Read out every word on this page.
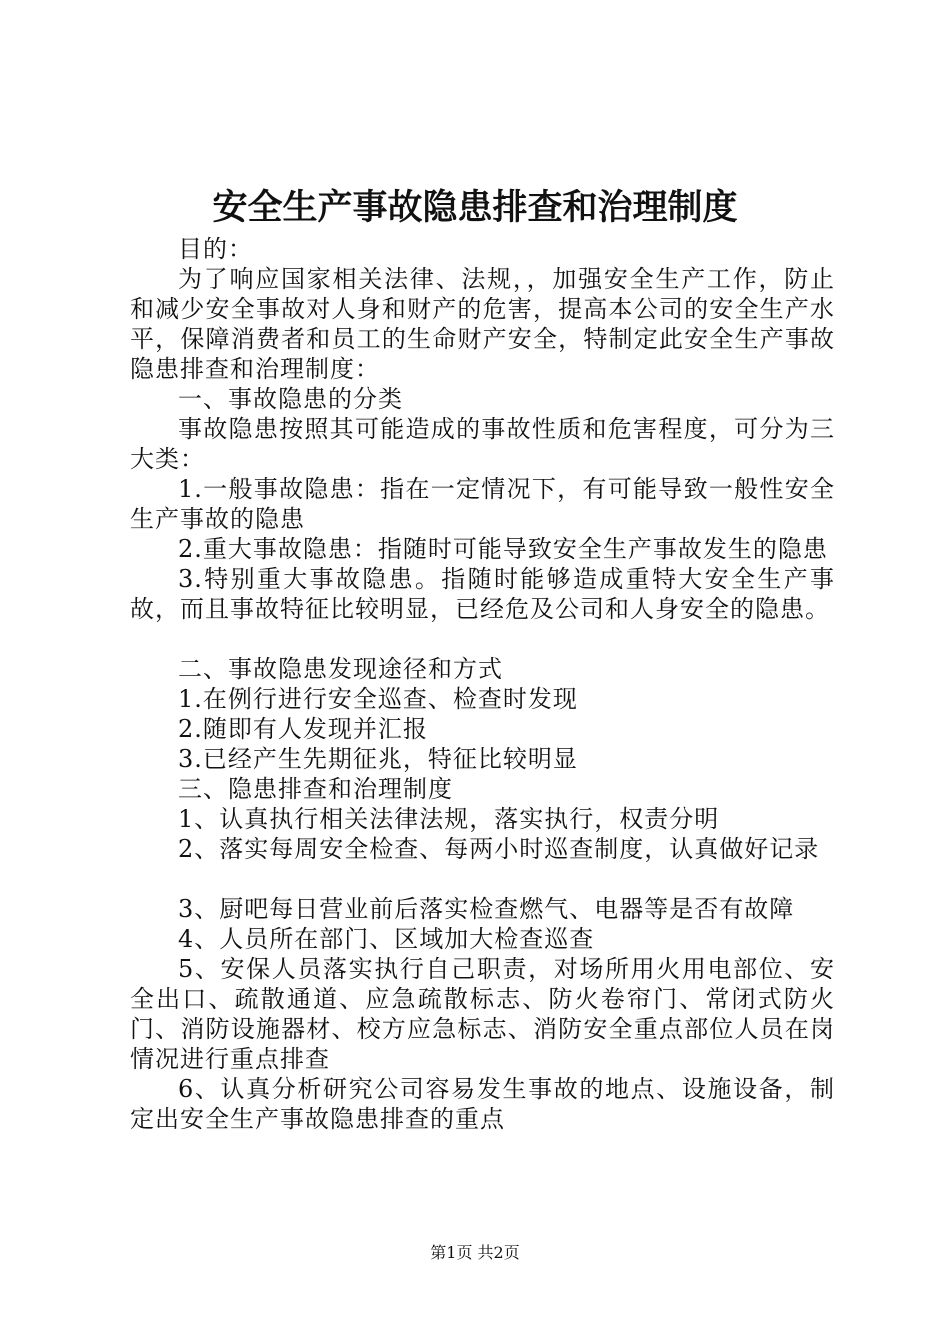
安全生产事故隐患排查和治理制度

目的：

为了响应国家相关法律、法规，，加强安全生产工作，防止和减少安全事故对人身和财产的危害，提高本公司的安全生产水平，保障消费者和员工的生命财产安全，特制定此安全生产事故隐患排查和治理制度：

一、事故隐患的分类

事故隐患按照其可能造成的事故性质和危害程度，可分为三大类：

1.一般事故隐患：指在一定情况下，有可能导致一般性安全生产事故的隐患

2.重大事故隐患：指随时可能导致安全生产事故发生的隐患

3.特别重大事故隐患。指随时能够造成重特大安全生产事故，而且事故特征比较明显，已经危及公司和人身安全的隐患。

二、事故隐患发现途径和方式

1.在例行进行安全巡查、检查时发现

2.随即有人发现并汇报

3.已经产生先期征兆，特征比较明显

三、隐患排查和治理制度

1、认真执行相关法律法规，落实执行，权责分明

2、落实每周安全检查、每两小时巡查制度，认真做好记录

3、厨吧每日营业前后落实检查燃气、电器等是否有故障

4、人员所在部门、区域加大检查巡查

5、安保人员落实执行自己职责，对场所用火用电部位、安全出口、疏散通道、应急疏散标志、防火卷帘门、常闭式防火门、消防设施器材、校方应急标志、消防安全重点部位人员在岗情况进行重点排查

6、认真分析研究公司容易发生事故的地点、设施设备，制定出安全生产事故隐患排查的重点

第1页 共2页
